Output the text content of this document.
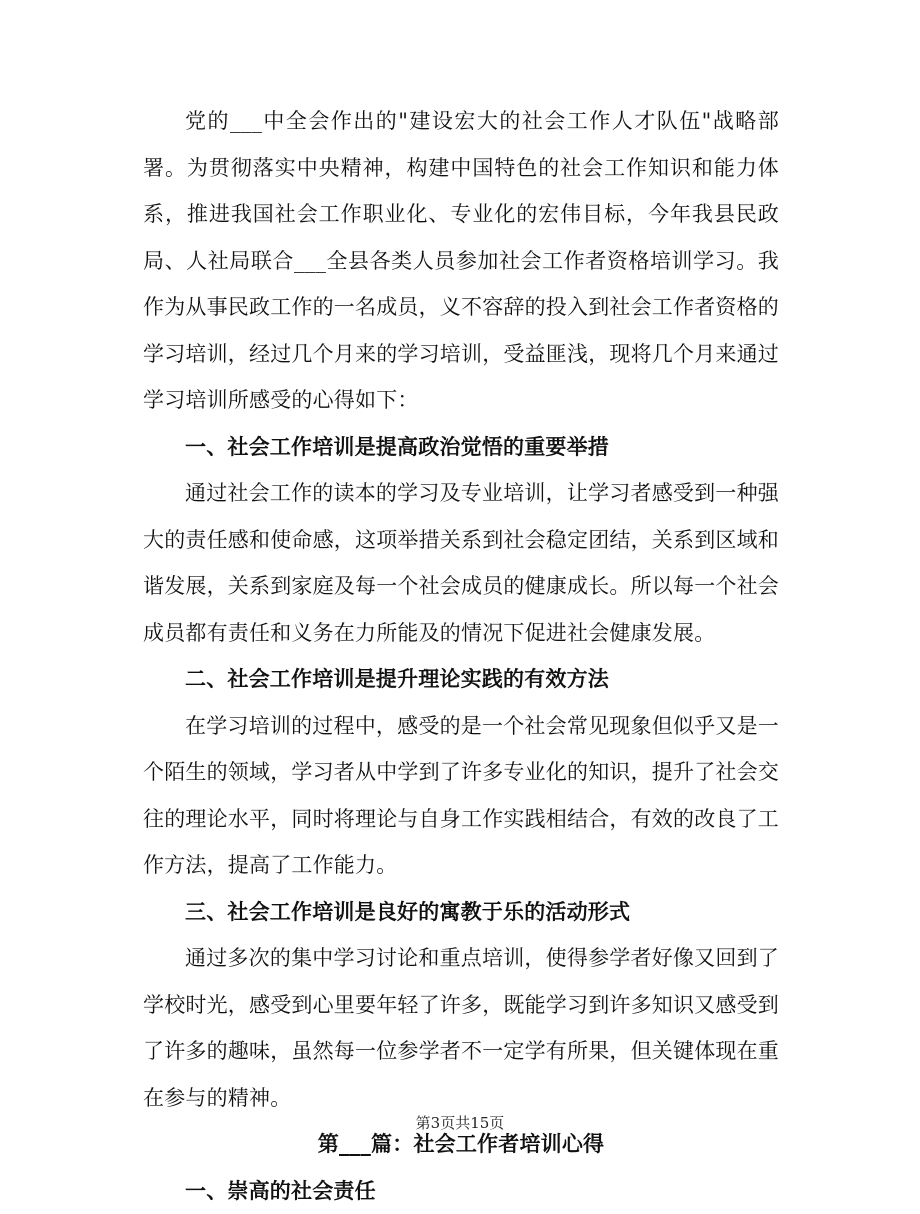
党的___中全会作出的"建设宏大的社会工作人才队伍"战略部署。为贯彻落实中央精神，构建中国特色的社会工作知识和能力体系，推进我国社会工作职业化、专业化的宏伟目标，今年我县民政局、人社局联合___全县各类人员参加社会工作者资格培训学习。我作为从事民政工作的一名成员，义不容辞的投入到社会工作者资格的学习培训，经过几个月来的学习培训，受益匪浅，现将几个月来通过学习培训所感受的心得如下：

一、社会工作培训是提高政治觉悟的重要举措

通过社会工作的读本的学习及专业培训，让学习者感受到一种强大的责任感和使命感，这项举措关系到社会稳定团结，关系到区域和谐发展，关系到家庭及每一个社会成员的健康成长。所以每一个社会成员都有责任和义务在力所能及的情况下促进社会健康发展。

二、社会工作培训是提升理论实践的有效方法

在学习培训的过程中，感受的是一个社会常见现象但似乎又是一个陌生的领域，学习者从中学到了许多专业化的知识，提升了社会交往的理论水平，同时将理论与自身工作实践相结合，有效的改良了工作方法，提高了工作能力。

三、社会工作培训是良好的寓教于乐的活动形式

通过多次的集中学习讨论和重点培训，使得参学者好像又回到了学校时光，感受到心里要年轻了许多，既能学习到许多知识又感受到了许多的趣味，虽然每一位参学者不一定学有所果，但关键体现在重在参与的精神。

第___篇：社会工作者培训心得

一、崇高的社会责任

第3页共15页
